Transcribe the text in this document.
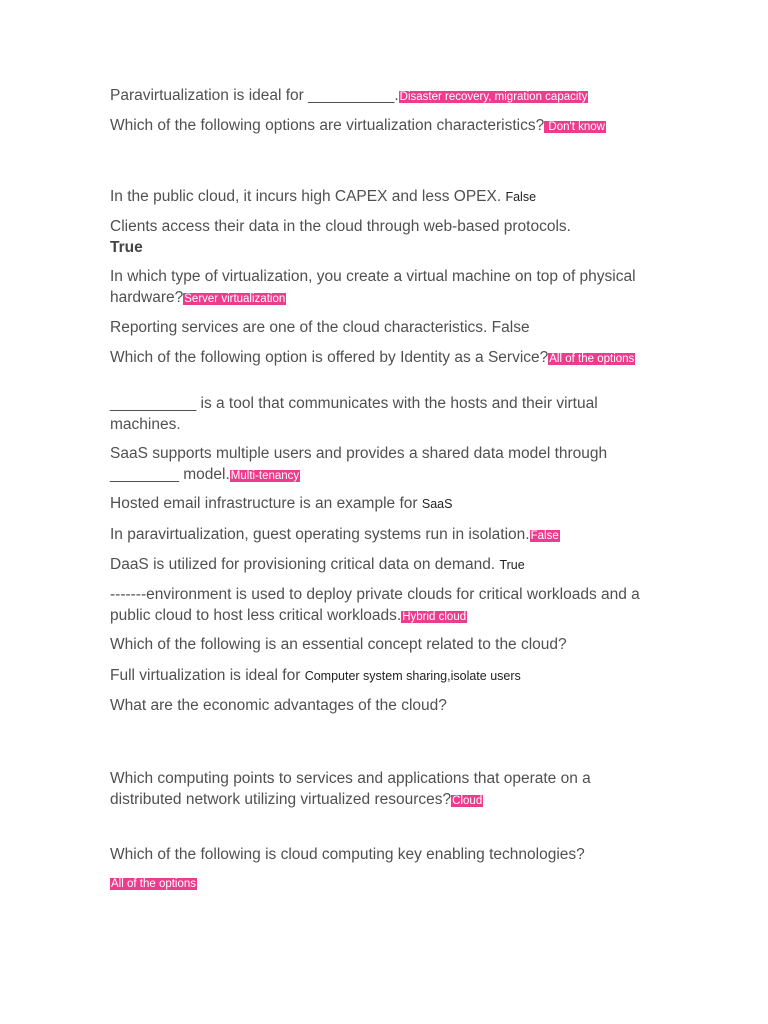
Paravirtualization is ideal for __________.Disaster recovery, migration capacity
Which of the following options are virtualization characteristics? Don't know
In the public cloud, it incurs high CAPEX and less OPEX. False
Clients access their data in the cloud through web-based protocols.
True
In which type of virtualization, you create a virtual machine on top of physical hardware?Server virtualization
Reporting services are one of the cloud characteristics. False
Which of the following option is offered by Identity as a Service?All of the options
__________ is a tool that communicates with the hosts and their virtual machines.
SaaS supports multiple users and provides a shared data model through ________ model.Multi-tenancy
Hosted email infrastructure is an example for SaaS
In paravirtualization, guest operating systems run in isolation.False
DaaS is utilized for provisioning critical data on demand. True
-------environment is used to deploy private clouds for critical workloads and a public cloud to host less critical workloads.Hybrid cloud
Which of the following is an essential concept related to the cloud?
Full virtualization is ideal for Computer system sharing,isolate users
What are the economic advantages of the cloud?
Which computing points to services and applications that operate on a distributed network utilizing virtualized resources?Cloud
Which of the following is cloud computing key enabling technologies?
All of the options
